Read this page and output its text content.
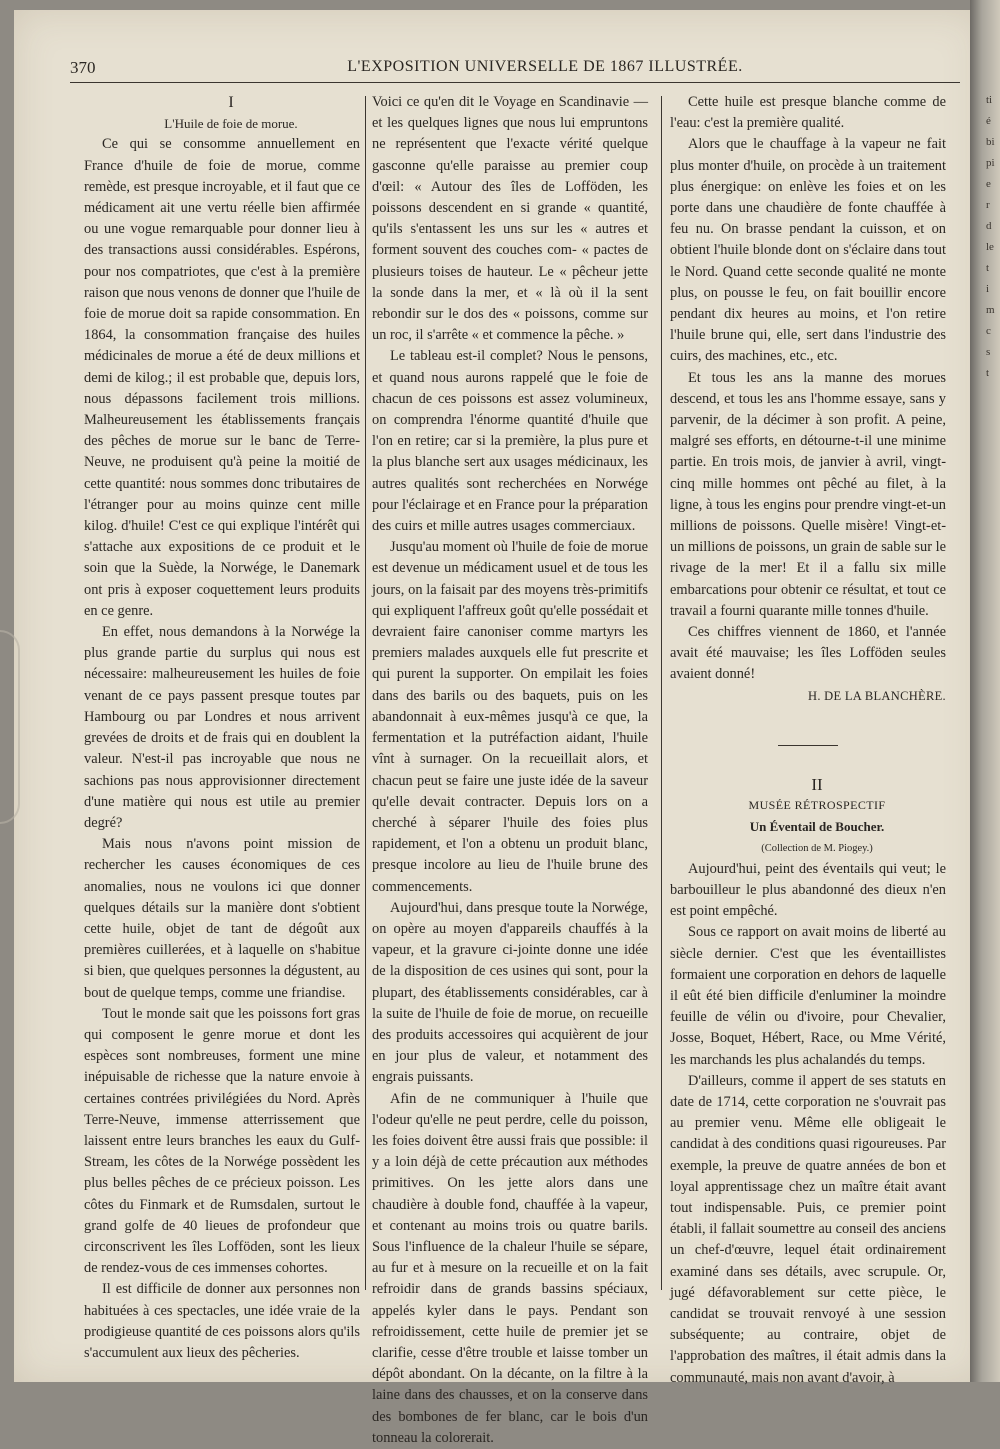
370	L'EXPOSITION UNIVERSELLE DE 1867 ILLUSTRÉE.

I

L'Huile de foie de morue.

Ce qui se consomme annuellement en France d'huile de foie de morue, comme remède, est presque incroyable, et il faut que ce médicament ait une vertu réelle bien affirmée ou une vogue remarquable pour donner lieu à des transactions aussi considérables. Espérons, pour nos compatriotes, que c'est à la première raison que nous venons de donner que l'huile de foie de morue doit sa rapide consommation. En 1864, la consommation française des huiles médicinales de morue a été de deux millions et demi de kilog.; il est probable que, depuis lors, nous dépassons facilement trois millions. Malheureusement les établissements français des pêches de morue sur le banc de Terre-Neuve, ne produisent qu'à peine la moitié de cette quantité: nous sommes donc tributaires de l'étranger pour au moins quinze cent mille kilog. d'huile! C'est ce qui explique l'intérêt qui s'attache aux expositions de ce produit et le soin que la Suède, la Norwége, le Danemark ont pris à exposer coquettement leurs produits en ce genre.

En effet, nous demandons à la Norwége la plus grande partie du surplus qui nous est nécessaire: malheureusement les huiles de foie venant de ce pays passent presque toutes par Hambourg ou par Londres et nous arrivent grevées de droits et de frais qui en doublent la valeur. N'est-il pas incroyable que nous ne sachions pas nous approvisionner directement d'une matière qui nous est utile au premier degré?

Mais nous n'avons point mission de rechercher les causes économiques de ces anomalies, nous ne voulons ici que donner quelques détails sur la manière dont s'obtient cette huile, objet de tant de dégoût aux premières cuillerées, et à laquelle on s'habitue si bien, que quelques personnes la dégustent, au bout de quelque temps, comme une friandise.

Tout le monde sait que les poissons fort gras qui composent le genre morue et dont les espèces sont nombreuses, forment une mine inépuisable de richesse que la nature envoie à certaines contrées privilégiées du Nord. Après Terre-Neuve, immense atterrissement que laissent entre leurs branches les eaux du Gulf-Stream, les côtes de la Norwége possèdent les plus belles pêches de ce précieux poisson. Les côtes du Finmark et de Rumsdalen, surtout le grand golfe de 40 lieues de profondeur que circonscrivent les îles Lofföden, sont les lieux de rendez-vous de ces immenses cohortes.

Il est difficile de donner aux personnes non habituées à ces spectacles, une idée vraie de la prodigieuse quantité de ces poissons alors qu'ils s'accumulent aux lieux des pêcheries.

Voici ce qu'en dit le Voyage en Scandinavie — et les quelques lignes que nous lui empruntons ne représentent que l'exacte vérité quelque gasconne qu'elle paraisse au premier coup d'œil: « Autour des îles de Lofföden, les poissons descendent en si grande « quantité, qu'ils s'entassent les uns sur les « autres et forment souvent des couches com- « pactes de plusieurs toises de hauteur. Le « pêcheur jette la sonde dans la mer, et « là où il la sent rebondir sur le dos des « poissons, comme sur un roc, il s'arrête « et commence la pêche. »

Le tableau est-il complet? Nous le pensons, et quand nous aurons rappelé que le foie de chacun de ces poissons est assez volumineux, on comprendra l'énorme quantité d'huile que l'on en retire; car si la première, la plus pure et la plus blanche sert aux usages médicinaux, les autres qualités sont recherchées en Norwége pour l'éclairage et en France pour la préparation des cuirs et mille autres usages commerciaux.

Jusqu'au moment où l'huile de foie de morue est devenue un médicament usuel et de tous les jours, on la faisait par des moyens très-primitifs qui expliquent l'affreux goût qu'elle possédait et devraient faire canoniser comme martyrs les premiers malades auxquels elle fut prescrite et qui purent la supporter. On empilait les foies dans des barils ou des baquets, puis on les abandonnait à eux-mêmes jusqu'à ce que, la fermentation et la putréfaction aidant, l'huile vînt à surnager. On la recueillait alors, et chacun peut se faire une juste idée de la saveur qu'elle devait contracter. Depuis lors on a cherché à séparer l'huile des foies plus rapidement, et l'on a obtenu un produit blanc, presque incolore au lieu de l'huile brune des commencements.

Aujourd'hui, dans presque toute la Norwége, on opère au moyen d'appareils chauffés à la vapeur, et la gravure ci-jointe donne une idée de la disposition de ces usines qui sont, pour la plupart, des établissements considérables, car à la suite de l'huile de foie de morue, on recueille des produits accessoires qui acquièrent de jour en jour plus de valeur, et notamment des engrais puissants.

Afin de ne communiquer à l'huile que l'odeur qu'elle ne peut perdre, celle du poisson, les foies doivent être aussi frais que possible: il y a loin déjà de cette précaution aux méthodes primitives. On les jette alors dans une chaudière à double fond, chauffée à la vapeur, et contenant au moins trois ou quatre barils. Sous l'influence de la chaleur l'huile se sépare, au fur et à mesure on la recueille et on la fait refroidir dans de grands bassins spéciaux, appelés kyler dans le pays. Pendant son refroidissement, cette huile de premier jet se clarifie, cesse d'être trouble et laisse tomber un dépôt abondant. On la décante, on la filtre à la laine dans des chausses, et on la conserve dans des bombones de fer blanc, car le bois d'un tonneau la colorerait.

Cette huile est presque blanche comme de l'eau: c'est la première qualité.

Alors que le chauffage à la vapeur ne fait plus monter d'huile, on procède à un traitement plus énergique: on enlève les foies et on les porte dans une chaudière de fonte chauffée à feu nu. On brasse pendant la cuisson, et on obtient l'huile blonde dont on s'éclaire dans tout le Nord. Quand cette seconde qualité ne monte plus, on pousse le feu, on fait bouillir encore pendant dix heures au moins, et l'on retire l'huile brune qui, elle, sert dans l'industrie des cuirs, des machines, etc., etc.

Et tous les ans la manne des morues descend, et tous les ans l'homme essaye, sans y parvenir, de la décimer à son profit. A peine, malgré ses efforts, en détourne-t-il une minime partie. En trois mois, de janvier à avril, vingt-cinq mille hommes ont pêché au filet, à la ligne, à tous les engins pour prendre vingt-et-un millions de poissons. Quelle misère! Vingt-et-un millions de poissons, un grain de sable sur le rivage de la mer! Et il a fallu six mille embarcations pour obtenir ce résultat, et tout ce travail a fourni quarante mille tonnes d'huile.

Ces chiffres viennent de 1860, et l'année avait été mauvaise; les îles Lofföden seules avaient donné!

H. DE LA BLANCHÈRE.

II

MUSÉE RÉTROSPECTIF

Un Éventail de Boucher.

(Collection de M. Piogey.)

Aujourd'hui, peint des éventails qui veut; le barbouilleur le plus abandonné des dieux n'en est point empêché.

Sous ce rapport on avait moins de liberté au siècle dernier. C'est que les éventaillistes formaient une corporation en dehors de laquelle il eût été bien difficile d'enluminer la moindre feuille de vélin ou d'ivoire, pour Chevalier, Josse, Boquet, Hébert, Race, ou Mme Vérité, les marchands les plus achalandés du temps.

D'ailleurs, comme il appert de ses statuts en date de 1714, cette corporation ne s'ouvrait pas au premier venu. Même elle obligeait le candidat à des conditions quasi rigoureuses. Par exemple, la preuve de quatre années de bon et loyal apprentissage chez un maître était avant tout indispensable. Puis, ce premier point établi, il fallait soumettre au conseil des anciens un chef-d'œuvre, lequel était ordinairement examiné dans ses détails, avec scrupule. Or, jugé défavorablement sur cette pièce, le candidat se trouvait renvoyé à une session subséquente; au contraire, objet de l'approbation des maîtres, il était admis dans la communauté, mais non avant d'avoir, à

ti
é
bi
pi
e
r
d
le
t
i
m
c
s
t
